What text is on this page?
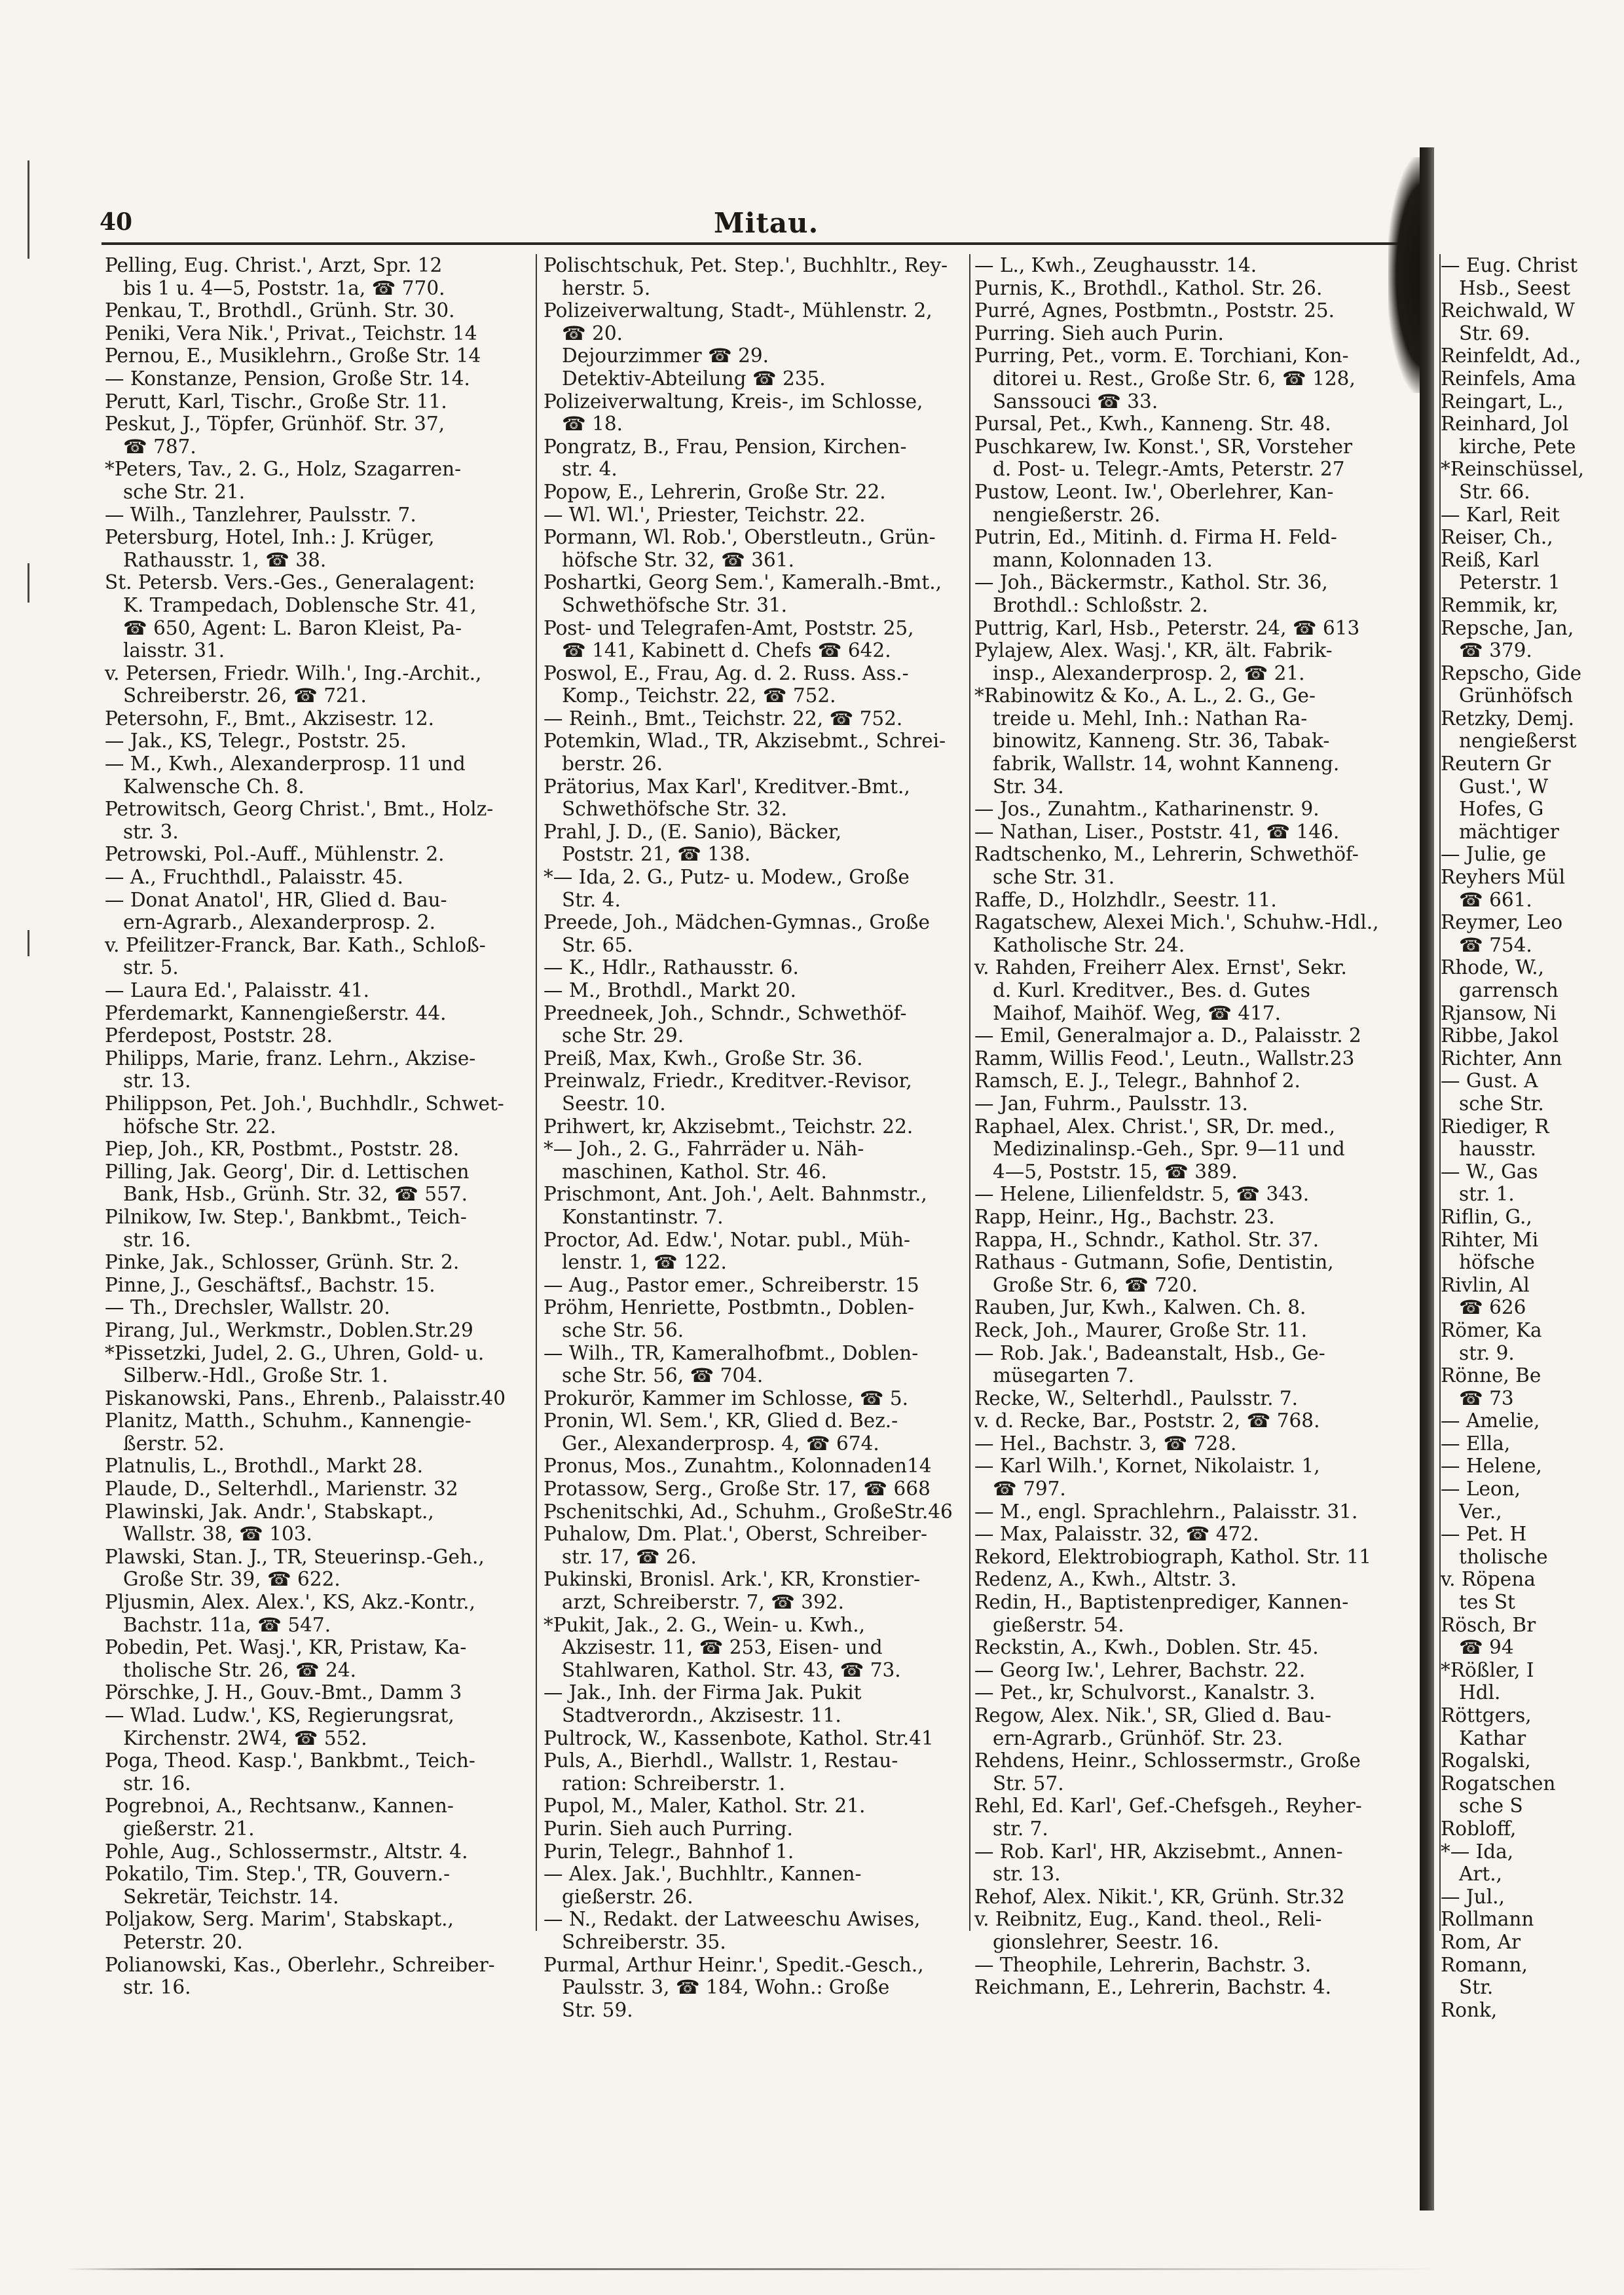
40	Mitau.
Pelling, Eug. Christ.', Arzt, Spr. 12
bis 1 u. 4—5, Poststr. 1a, ☎ 770.
Penkau, T., Brothdl., Grünh. Str. 30.
Peniki, Vera Nik.', Privat., Teichstr. 14
Pernou, E., Musiklehrn., Große Str. 14
— Konstanze, Pension, Große Str. 14.
Perutt, Karl, Tischr., Große Str. 11.
Peskut, J., Töpfer, Grünhöf. Str. 37,
☎ 787.
*Peters, Tav., 2. G., Holz, Szagarren-
sche Str. 21.
— Wilh., Tanzlehrer, Paulsstr. 7.
Petersburg, Hotel, Inh.: J. Krüger,
Rathausstr. 1, ☎ 38.
St. Petersb. Vers.-Ges., Generalagent:
K. Trampedach, Doblensche Str. 41,
☎ 650, Agent: L. Baron Kleist, Pa-
laisstr. 31.
v. Petersen, Friedr. Wilh.', Ing.-Archit.,
Schreiberstr. 26, ☎ 721.
Petersohn, F., Bmt., Akzisestr. 12.
— Jak., KS, Telegr., Poststr. 25.
— M., Kwh., Alexanderprosp. 11 und
Kalwensche Ch. 8.
Petrowitsch, Georg Christ.', Bmt., Holz-
str. 3.
Petrowski, Pol.-Auff., Mühlenstr. 2.
— A., Fruchthdl., Palaisstr. 45.
— Donat Anatol', HR, Glied d. Bau-
ern-Agrarb., Alexanderprosp. 2.
v. Pfeilitzer-Franck, Bar. Kath., Schloß-
str. 5.
— Laura Ed.', Palaisstr. 41.
Pferdemarkt, Kannengießerstr. 44.
Pferdepost, Poststr. 28.
Philipps, Marie, franz. Lehrn., Akzise-
str. 13.
Philippson, Pet. Joh.', Buchhdlr., Schwet-
höfsche Str. 22.
Piep, Joh., KR, Postbmt., Poststr. 28.
Pilling, Jak. Georg', Dir. d. Lettischen
Bank, Hsb., Grünh. Str. 32, ☎ 557.
Pilnikow, Iw. Step.', Bankbmt., Teich-
str. 16.
Pinke, Jak., Schlosser, Grünh. Str. 2.
Pinne, J., Geschäftsf., Bachstr. 15.
— Th., Drechsler, Wallstr. 20.
Pirang, Jul., Werkmstr., Doblen.Str.29
*Pissetzki, Judel, 2. G., Uhren, Gold- u.
Silberw.-Hdl., Große Str. 1.
Piskanowski, Pans., Ehrenb., Palaisstr.40
Planitz, Matth., Schuhm., Kannengie-
ßerstr. 52.
Platnulis, L., Brothdl., Markt 28.
Plaude, D., Selterhdl., Marienstr. 32
Plawinski, Jak. Andr.', Stabskapt.,
Wallstr. 38, ☎ 103.
Plawski, Stan. J., TR, Steuerinsp.-Geh.,
Große Str. 39, ☎ 622.
Pljusmin, Alex. Alex.', KS, Akz.-Kontr.,
Bachstr. 11a, ☎ 547.
Pobedin, Pet. Wasj.', KR, Pristaw, Ka-
tholische Str. 26, ☎ 24.
Pörschke, J. H., Gouv.-Bmt., Damm 3
— Wlad. Ludw.', KS, Regierungsrat,
Kirchenstr. 2W4, ☎ 552.
Poga, Theod. Kasp.', Bankbmt., Teich-
str. 16.
Pogrebnoi, A., Rechtsanw., Kannen-
gießerstr. 21.
Pohle, Aug., Schlossermstr., Altstr. 4.
Pokatilo, Tim. Step.', TR, Gouvern.-
Sekretär, Teichstr. 14.
Poljakow, Serg. Marim', Stabskapt.,
Peterstr. 20.
Polianowski, Kas., Oberlehr., Schreiber-
str. 16.
Polischtschuk, Pet. Step.', Buchhltr., Rey-
herstr. 5.
Polizeiverwaltung, Stadt-, Mühlenstr. 2,
☎ 20.
Dejourzimmer ☎ 29.
Detektiv-Abteilung ☎ 235.
Polizeiverwaltung, Kreis-, im Schlosse,
☎ 18.
Pongratz, B., Frau, Pension, Kirchen-
str. 4.
Popow, E., Lehrerin, Große Str. 22.
— Wl. Wl.', Priester, Teichstr. 22.
Pormann, Wl. Rob.', Oberstleutn., Grün-
höfsche Str. 32, ☎ 361.
Poshartki, Georg Sem.', Kameralh.-Bmt.,
Schwethöfsche Str. 31.
Post- und Telegrafen-Amt, Poststr. 25,
☎ 141, Kabinett d. Chefs ☎ 642.
Poswol, E., Frau, Ag. d. 2. Russ. Ass.-
Komp., Teichstr. 22, ☎ 752.
— Reinh., Bmt., Teichstr. 22, ☎ 752.
Potemkin, Wlad., TR, Akzisebmt., Schrei-
berstr. 26.
Prätorius, Max Karl', Kreditver.-Bmt.,
Schwethöfsche Str. 32.
Prahl, J. D., (E. Sanio), Bäcker,
Poststr. 21, ☎ 138.
*— Ida, 2. G., Putz- u. Modew., Große
Str. 4.
Preede, Joh., Mädchen-Gymnas., Große
Str. 65.
— K., Hdlr., Rathausstr. 6.
— M., Brothdl., Markt 20.
Preedneek, Joh., Schndr., Schwethöf-
sche Str. 29.
Preiß, Max, Kwh., Große Str. 36.
Preinwalz, Friedr., Kreditver.-Revisor,
Seestr. 10.
Prihwert, kr, Akzisebmt., Teichstr. 22.
*— Joh., 2. G., Fahrräder u. Näh-
maschinen, Kathol. Str. 46.
Prischmont, Ant. Joh.', Aelt. Bahnmstr.,
Konstantinstr. 7.
Proctor, Ad. Edw.', Notar. publ., Müh-
lenstr. 1, ☎ 122.
— Aug., Pastor emer., Schreiberstr. 15
Pröhm, Henriette, Postbmtn., Doblen-
sche Str. 56.
— Wilh., TR, Kameralhofbmt., Doblen-
sche Str. 56, ☎ 704.
Prokurör, Kammer im Schlosse, ☎ 5.
Pronin, Wl. Sem.', KR, Glied d. Bez.-
Ger., Alexanderprosp. 4, ☎ 674.
Pronus, Mos., Zunahtm., Kolonnaden14
Protassow, Serg., Große Str. 17, ☎ 668
Pschenitschki, Ad., Schuhm., GroßeStr.46
Puhalow, Dm. Plat.', Oberst, Schreiber-
str. 17, ☎ 26.
Pukinski, Bronisl. Ark.', KR, Kronstier-
arzt, Schreiberstr. 7, ☎ 392.
*Pukit, Jak., 2. G., Wein- u. Kwh.,
Akzisestr. 11, ☎ 253, Eisen- und
Stahlwaren, Kathol. Str. 43, ☎ 73.
— Jak., Inh. der Firma Jak. Pukit
Stadtverordn., Akzisestr. 11.
Pultrock, W., Kassenbote, Kathol. Str.41
Puls, A., Bierhdl., Wallstr. 1, Restau-
ration: Schreiberstr. 1.
Pupol, M., Maler, Kathol. Str. 21.
Purin. Sieh auch Purring.
Purin, Telegr., Bahnhof 1.
— Alex. Jak.', Buchhltr., Kannen-
gießerstr. 26.
— N., Redakt. der Latweeschu Awises,
Schreiberstr. 35.
Purmal, Arthur Heinr.', Spedit.-Gesch.,
Paulsstr. 3, ☎ 184, Wohn.: Große
Str. 59.
— L., Kwh., Zeughausstr. 14.
Purnis, K., Brothdl., Kathol. Str. 26.
Purré, Agnes, Postbmtn., Poststr. 25.
Purring. Sieh auch Purin.
Purring, Pet., vorm. E. Torchiani, Kon-
ditorei u. Rest., Große Str. 6, ☎ 128,
Sanssouci ☎ 33.
Pursal, Pet., Kwh., Kanneng. Str. 48.
Puschkarew, Iw. Konst.', SR, Vorsteher
d. Post- u. Telegr.-Amts, Peterstr. 27
Pustow, Leont. Iw.', Oberlehrer, Kan-
nengießerstr. 26.
Putrin, Ed., Mitinh. d. Firma H. Feld-
mann, Kolonnaden 13.
— Joh., Bäckermstr., Kathol. Str. 36,
Brothdl.: Schloßstr. 2.
Puttrig, Karl, Hsb., Peterstr. 24, ☎ 613
Pylajew, Alex. Wasj.', KR, ält. Fabrik-
insp., Alexanderprosp. 2, ☎ 21.
*Rabinowitz & Ko., A. L., 2. G., Ge-
treide u. Mehl, Inh.: Nathan Ra-
binowitz, Kanneng. Str. 36, Tabak-
fabrik, Wallstr. 14, wohnt Kanneng.
Str. 34.
— Jos., Zunahtm., Katharinenstr. 9.
— Nathan, Liser., Poststr. 41, ☎ 146.
Radtschenko, M., Lehrerin, Schwethöf-
sche Str. 31.
Raffe, D., Holzhdlr., Seestr. 11.
Ragatschew, Alexei Mich.', Schuhw.-Hdl.,
Katholische Str. 24.
v. Rahden, Freiherr Alex. Ernst', Sekr.
d. Kurl. Kreditver., Bes. d. Gutes
Maihof, Maihöf. Weg, ☎ 417.
— Emil, Generalmajor a. D., Palaisstr. 2
Ramm, Willis Feod.', Leutn., Wallstr.23
Ramsch, E. J., Telegr., Bahnhof 2.
— Jan, Fuhrm., Paulsstr. 13.
Raphael, Alex. Christ.', SR, Dr. med.,
Medizinalinsp.-Geh., Spr. 9—11 und
4—5, Poststr. 15, ☎ 389.
— Helene, Lilienfeldstr. 5, ☎ 343.
Rapp, Heinr., Hg., Bachstr. 23.
Rappa, H., Schndr., Kathol. Str. 37.
Rathaus - Gutmann, Sofie, Dentistin,
Große Str. 6, ☎ 720.
Rauben, Jur, Kwh., Kalwen. Ch. 8.
Reck, Joh., Maurer, Große Str. 11.
— Rob. Jak.', Badeanstalt, Hsb., Ge-
müsegarten 7.
Recke, W., Selterhdl., Paulsstr. 7.
v. d. Recke, Bar., Poststr. 2, ☎ 768.
— Hel., Bachstr. 3, ☎ 728.
— Karl Wilh.', Kornet, Nikolaistr. 1,
☎ 797.
— M., engl. Sprachlehrn., Palaisstr. 31.
— Max, Palaisstr. 32, ☎ 472.
Rekord, Elektrobiograph, Kathol. Str. 11
Redenz, A., Kwh., Altstr. 3.
Redin, H., Baptistenprediger, Kannen-
gießerstr. 54.
Reckstin, A., Kwh., Doblen. Str. 45.
— Georg Iw.', Lehrer, Bachstr. 22.
— Pet., kr, Schulvorst., Kanalstr. 3.
Regow, Alex. Nik.', SR, Glied d. Bau-
ern-Agrarb., Grünhöf. Str. 23.
Rehdens, Heinr., Schlossermstr., Große
Str. 57.
Rehl, Ed. Karl', Gef.-Chefsgeh., Reyher-
str. 7.
— Rob. Karl', HR, Akzisebmt., Annen-
str. 13.
Rehof, Alex. Nikit.', KR, Grünh. Str.32
v. Reibnitz, Eug., Kand. theol., Reli-
gionslehrer, Seestr. 16.
— Theophile, Lehrerin, Bachstr. 3.
Reichmann, E., Lehrerin, Bachstr. 4.
— Eug. Christ
Hsb., Seest
Reichwald, W
Str. 69.
Reinfeldt, Ad.,
Reinfels, Ama
Reingart, L.,
Reinhard, Jol
kirche, Pete
*Reinschüssel,
Str. 66.
— Karl, Reit
Reiser, Ch.,
Reiß, Karl
Peterstr. 1
Remmik, kr,
Repsche, Jan,
☎ 379.
Repscho, Gide
Grünhöfsch
Retzky, Demj.
nengießerst
Reutern Gr
Gust.', W
Hofes, G
mächtiger
— Julie, ge
Reyhers Mül
☎ 661.
Reymer, Leo
☎ 754.
Rhode, W.,
garrensch
Rjansow, Ni
Ribbe, Jakol
Richter, Ann
— Gust. A
sche Str.
Riediger, R
hausstr.
— W., Gas
str. 1.
Riflin, G.,
Rihter, Mi
höfsche
Rivlin, Al
☎ 626
Römer, Ka
str. 9.
Rönne, Be
☎ 73
— Amelie,
— Ella,
— Helene,
— Leon,
Ver.,
— Pet. H
tholische
v. Röpena
tes St
Rösch, Br
☎ 94
*Rößler, I
Hdl.
Röttgers,
Kathar
Rogalski,
Rogatschen
sche S
Robloff,
*— Ida,
Art.,
— Jul.,
Rollmann
Rom, Ar
Romann,
Str.
Ronk,
